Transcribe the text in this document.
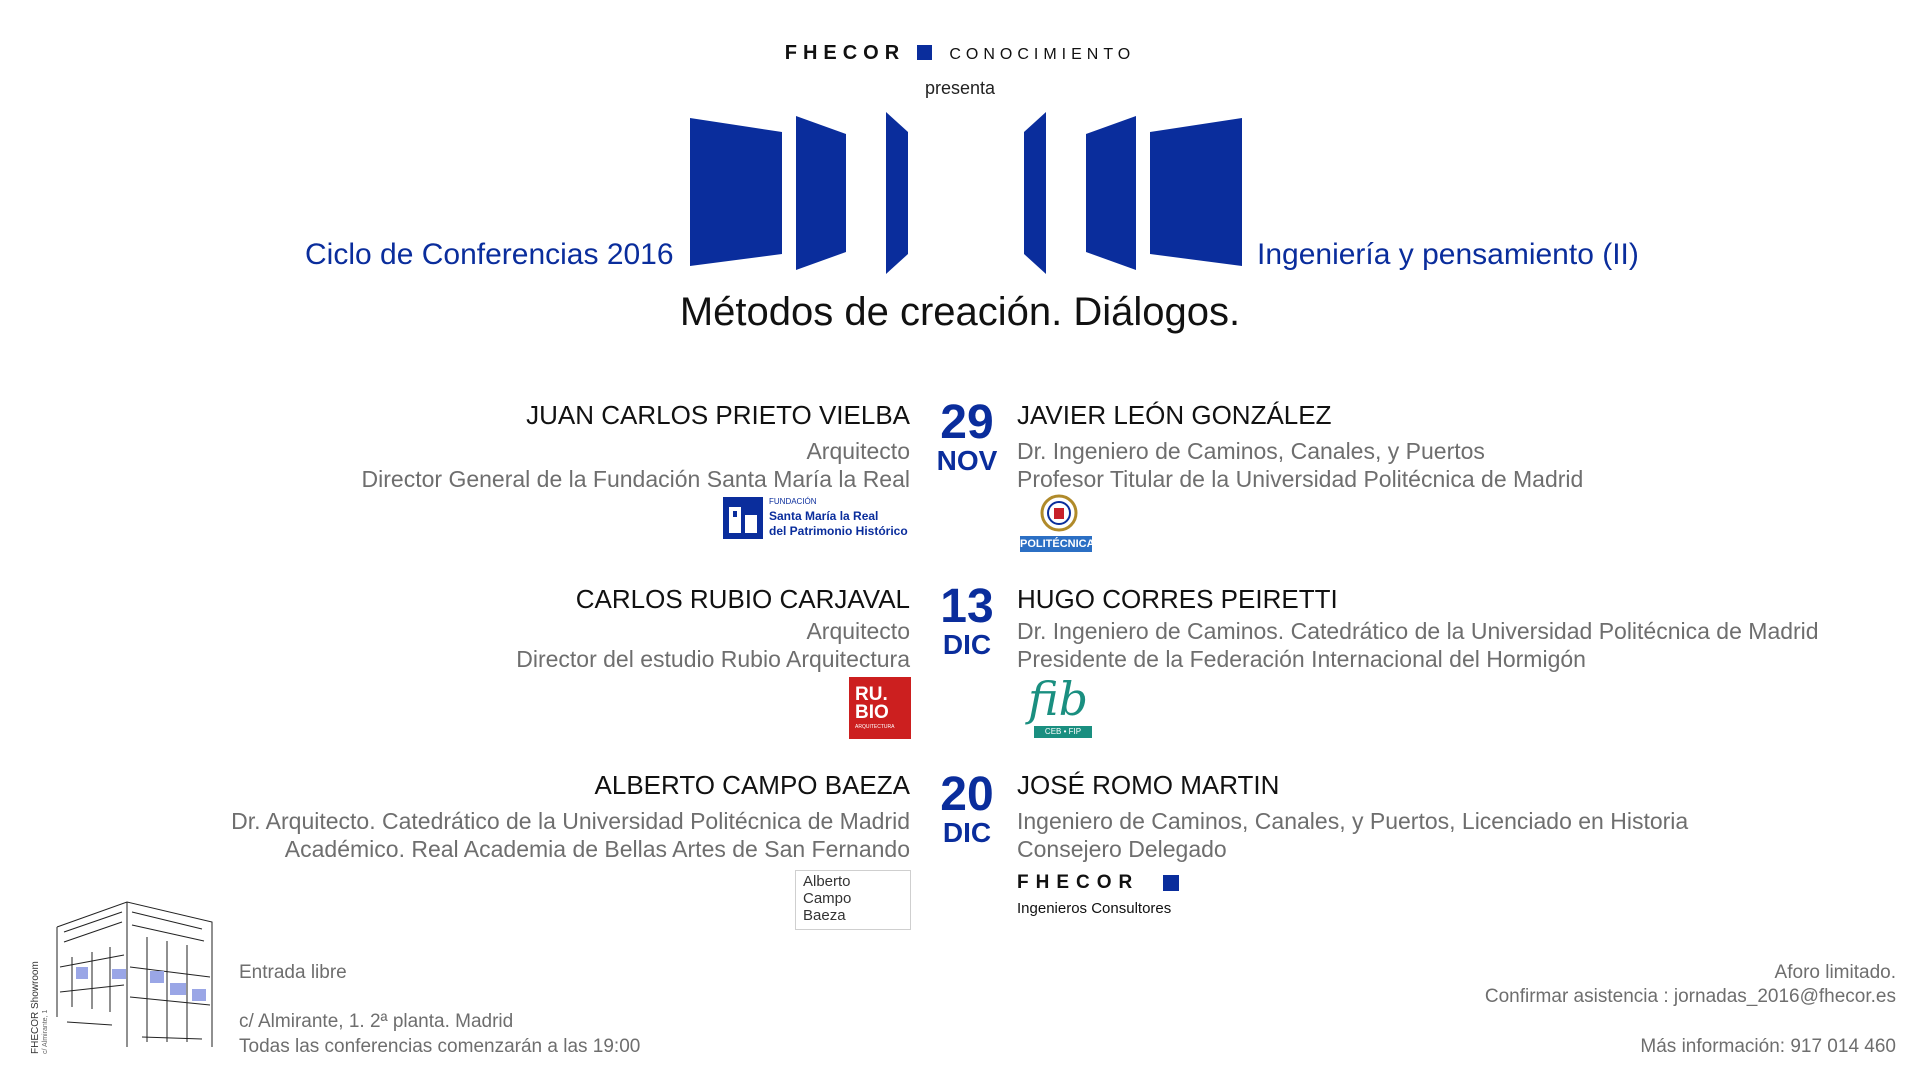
FHECOR	CONOCIMIENTO
presenta
Ciclo de Conferencias 2016	Ingeniería y pensamiento (II)
Métodos de creación. Diálogos.
JUAN CARLOS PRIETO VIELBA
Arquitecto
Director General de la Fundación Santa María la Real
29
NOV
JAVIER LEÓN GONZÁLEZ
Dr. Ingeniero de Caminos, Canales, y Puertos
Profesor Titular de la Universidad Politécnica de Madrid
FUNDACIÓN
Santa María la Real
del Patrimonio Histórico
POLITÉCNICA
CARLOS RUBIO CARJAVAL
Arquitecto
Director del estudio Rubio Arquitectura
13
DIC
HUGO CORRES PEIRETTI
Dr. Ingeniero de Caminos. Catedrático de la Universidad Politécnica de Madrid
Presidente de la Federación Internacional del Hormigón
RU.
BIO
ARQUITECTURA
fib
CEB • FIP
ALBERTO CAMPO BAEZA
Dr. Arquitecto. Catedrático de la Universidad Politécnica de Madrid
Académico. Real Academia de Bellas Artes de San Fernando
20
DIC
JOSÉ ROMO MARTIN
Ingeniero de Caminos, Canales, y Puertos, Licenciado en Historia
Consejero Delegado
Alberto
Campo
Baeza
FHECOR
Ingenieros Consultores
FHECOR Showroom c/ Almirante, 1
Entrada libre
c/ Almirante, 1. 2ª planta. Madrid
Todas las conferencias comenzarán a las 19:00
Aforo limitado.
Confirmar asistencia : jornadas_2016@fhecor.es
Más información: 917 014 460
